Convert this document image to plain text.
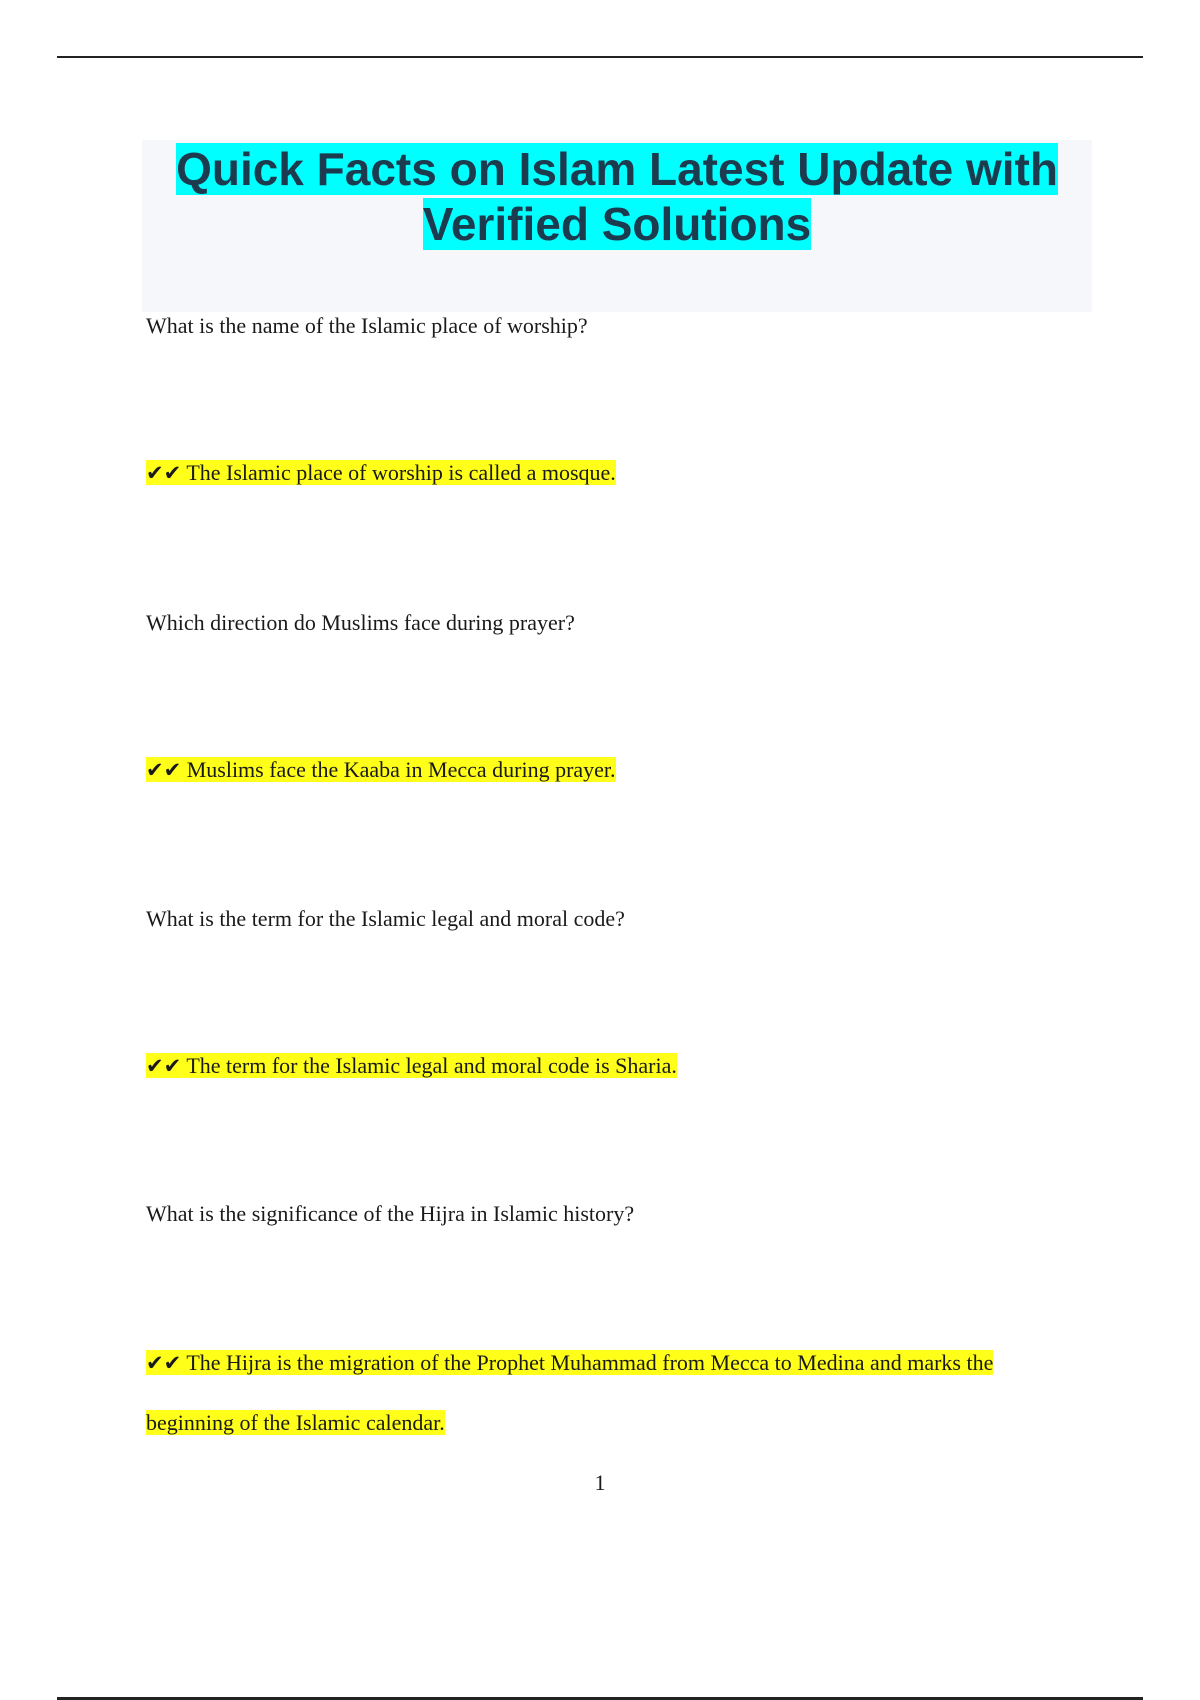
Quick Facts on Islam Latest Update with Verified Solutions

What is the name of the Islamic place of worship?

✔✔ The Islamic place of worship is called a mosque.

Which direction do Muslims face during prayer?

✔✔ Muslims face the Kaaba in Mecca during prayer.

What is the term for the Islamic legal and moral code?

✔✔ The term for the Islamic legal and moral code is Sharia.

What is the significance of the Hijra in Islamic history?

✔✔ The Hijra is the migration of the Prophet Muhammad from Mecca to Medina and marks the beginning of the Islamic calendar.

1
